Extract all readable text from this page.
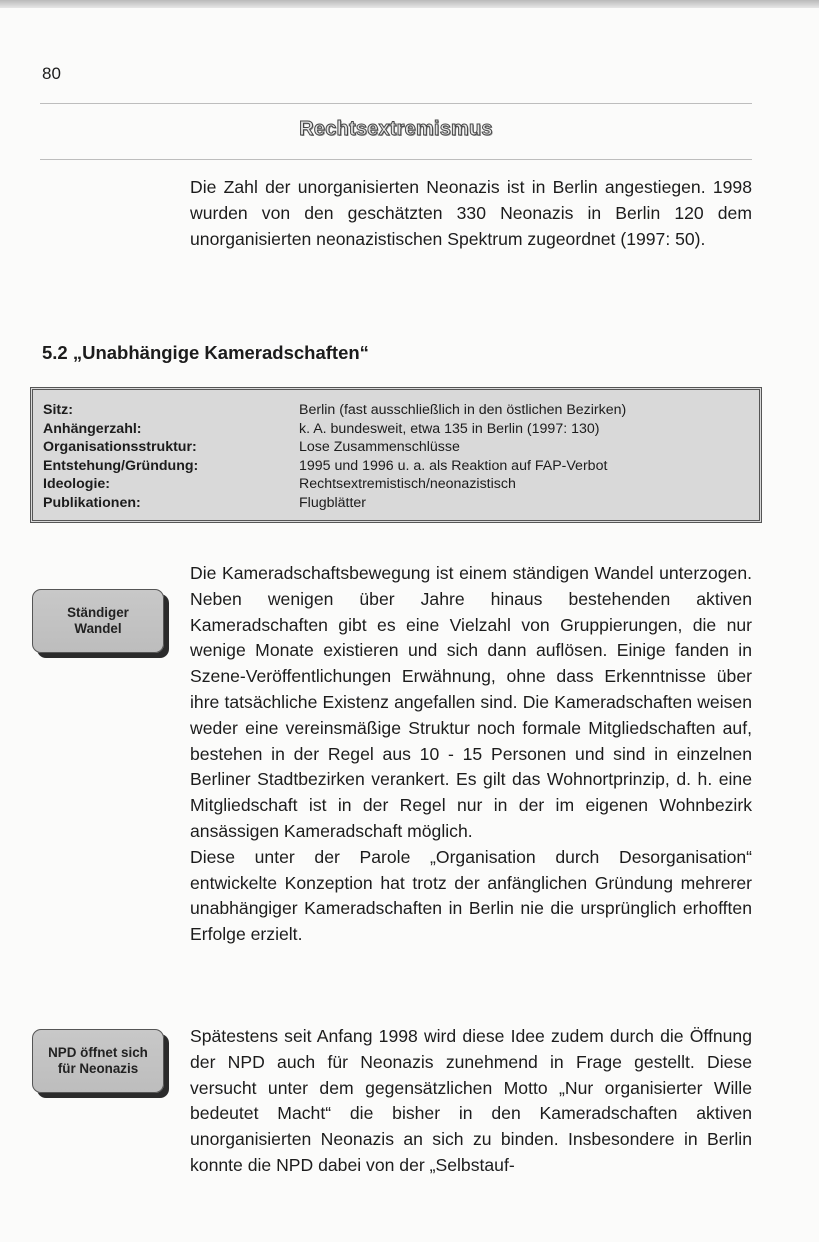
80
Rechtsextremismus

Die Zahl der unorganisierten Neonazis ist in Berlin angestiegen. 1998 wurden von den geschätzten 330 Neonazis in Berlin 120 dem unorganisierten neonazistischen Spektrum zugeordnet (1997: 50).

5.2 „Unabhängige Kameradschaften“
Sitz:	Berlin (fast ausschließlich in den östlichen Bezirken)
Anhängerzahl:	k. A. bundesweit, etwa 135 in Berlin (1997: 130)
Organisationsstruktur:	Lose Zusammenschlüsse
Entstehung/Gründung:	1995 und 1996 u. a. als Reaktion auf FAP-Verbot
Ideologie:	Rechtsextremistisch/neonazistisch
Publikationen:	Flugblätter
Ständiger
Wandel

Die Kameradschaftsbewegung ist einem ständigen Wandel unterzogen. Neben wenigen über Jahre hinaus bestehenden aktiven Kameradschaften gibt es eine Vielzahl von Gruppierungen, die nur wenige Monate existieren und sich dann auflösen. Einige fanden in Szene-Veröffentlichungen Erwähnung, ohne dass Erkenntnisse über ihre tatsächliche Existenz angefallen sind. Die Kameradschaften weisen weder eine vereinsmäßige Struktur noch formale Mitgliedschaften auf, bestehen in der Regel aus 10 - 15 Personen und sind in einzelnen Berliner Stadtbezirken verankert. Es gilt das Wohnortprinzip, d. h. eine Mitgliedschaft ist in der Regel nur in der im eigenen Wohnbezirk ansässigen Kameradschaft möglich.

Diese unter der Parole „Organisation durch Desorganisation“ entwickelte Konzeption hat trotz der anfänglichen Gründung mehrerer unabhängiger Kameradschaften in Berlin nie die ursprünglich erhofften Erfolge erzielt.

NPD öffnet sich
für Neonazis

Spätestens seit Anfang 1998 wird diese Idee zudem durch die Öffnung der NPD auch für Neonazis zunehmend in Frage gestellt. Diese versucht unter dem gegensätzlichen Motto „Nur organisierter Wille bedeutet Macht“ die bisher in den Kameradschaften aktiven unorganisierten Neonazis an sich zu binden. Insbesondere in Berlin konnte die NPD dabei von der „Selbstauf-
